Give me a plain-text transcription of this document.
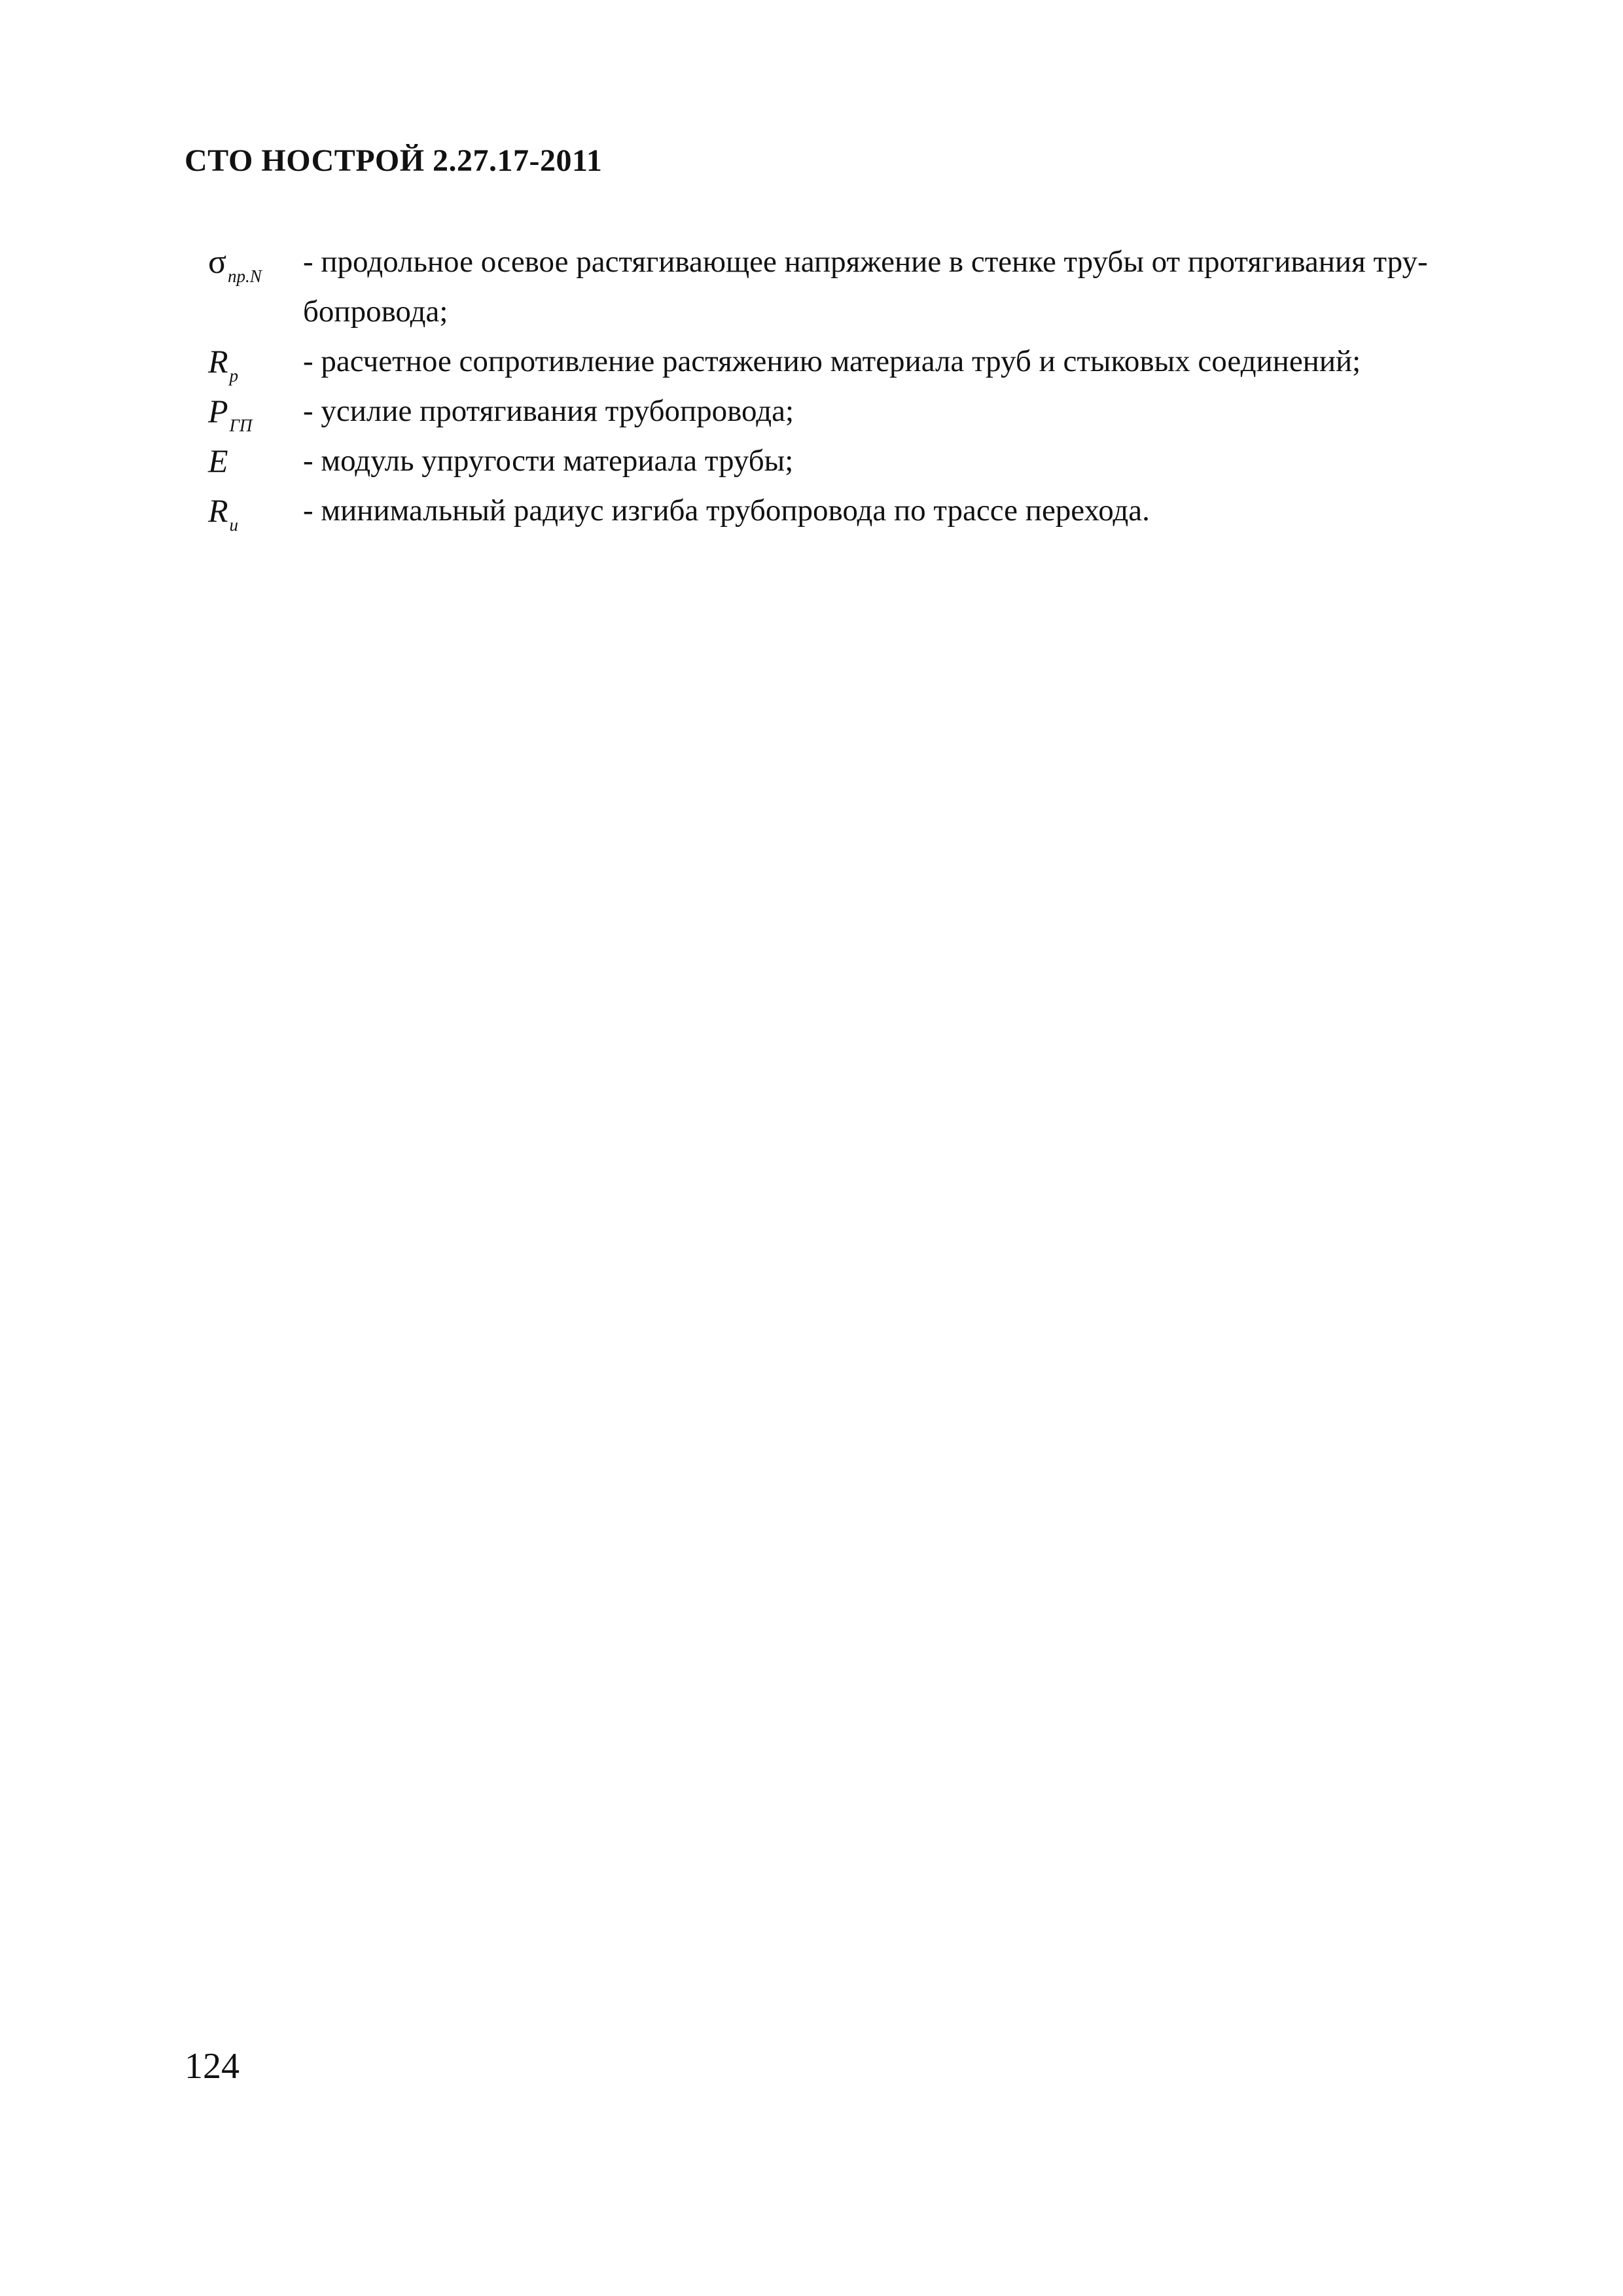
СТО НОСТРОЙ 2.27.17-2011
$\sigma_{пр.N}$	- продольное осевое растягивающее напряжение в стенке трубы от протягивания тру-
бопровода;
$R_р$	- расчетное сопротивление растяжению материала труб и стыковых соединений;
$P_{ГП}$	- усилие протягивания трубопровода;
E	- модуль упругости материала трубы;
$R_и$	- минимальный радиус изгиба трубопровода по трассе перехода.
124
